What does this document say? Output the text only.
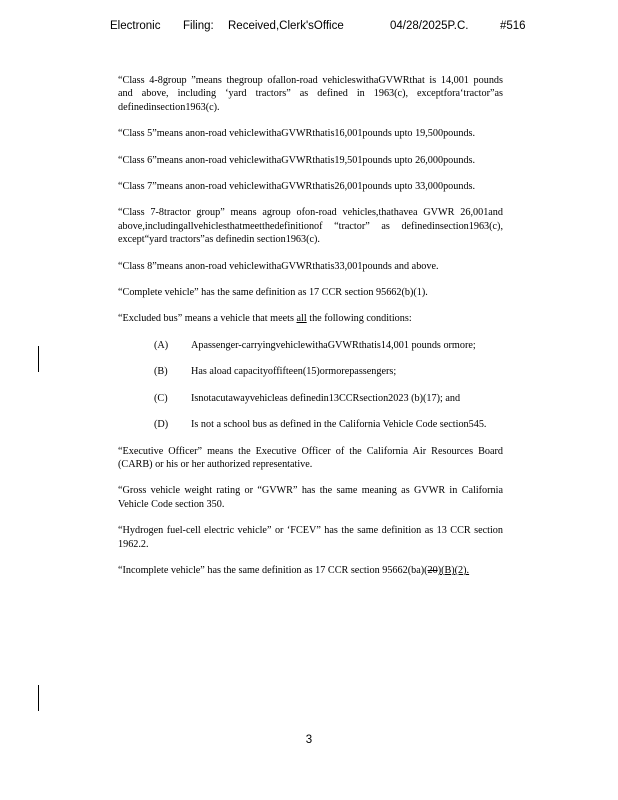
Electronic Filing: Received,Clerk'sOffice	04/28/2025P.C.	#516

“Class 4-8group ”means thegroup ofallon-road vehicleswithaGVWRthat is 14,001 pounds and above, including ‘yard tractors” as defined in 1963(c), exceptfora‘tractor”as definedinsection1963(c).

“Class 5”means anon-road vehiclewithaGVWRthatis16,001pounds upto 19,500pounds.

“Class 6”means anon-road vehiclewithaGVWRthatis19,501pounds upto 26,000pounds.

“Class 7”means anon-road vehiclewithaGVWRthatis26,001pounds upto 33,000pounds.

“Class 7-8tractor group” means agroup ofon-road vehicles,thathavea GVWR 26,001and above,includingallvehiclesthatmeetthedefinitionof “tractor” as definedinsection1963(c), except“yard tractors”as definedin section1963(c).

“Class 8”means anon-road vehiclewithaGVWRthatis33,001pounds and above.

“Complete vehicle” has the same definition as 17 CCR section 95662(b)(1).

“Excluded bus” means a vehicle that meets all the following conditions:

(A) Apassenger-carryingvehiclewithaGVWRthatis14,001 pounds ormore;
(B) Has aload capacityoffifteen(15)ormorepassengers;
(C) Isnotacutawayvehicleas definedin13CCRsection2023 (b)(17); and
(D) Is not a school bus as defined in the California Vehicle Code section545.

“Executive Officer” means the Executive Officer of the California Air Resources Board (CARB) or his or her authorized representative.

“Gross vehicle weight rating or “GVWR” has the same meaning as GVWR in California Vehicle Code section 350.

“Hydrogen fuel-cell electric vehicle” or ‘FCEV” has the same definition as 13 CCR section 1962.2.

“Incomplete vehicle” has the same definition as 17 CCR section 95662(ba)(20)(B)(2).

3
